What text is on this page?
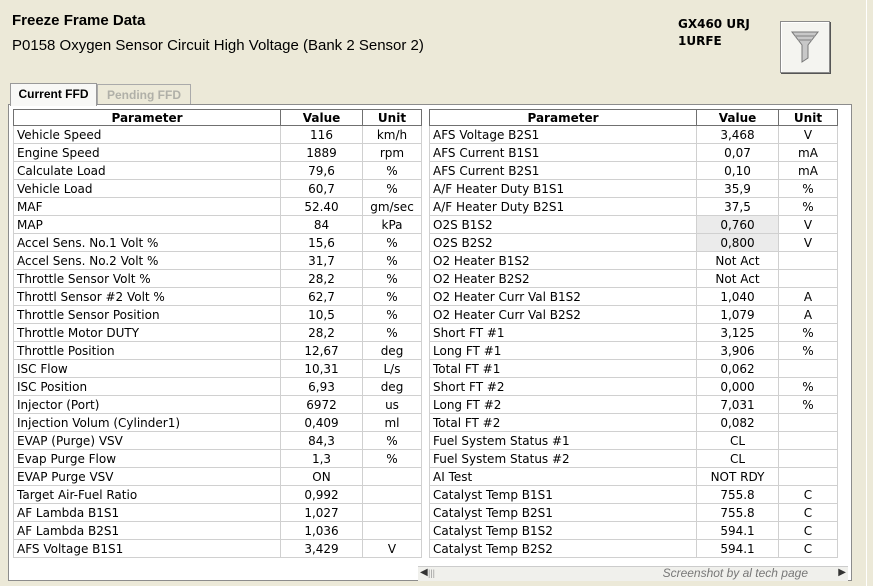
Freeze Frame Data
P0158 Oxygen Sensor Circuit High Voltage (Bank 2 Sensor 2)
GX460 URJ
1URFE
Current FFD	Pending FFD
Parameter	Value	Unit
Vehicle Speed	116	km/h
Engine Speed	1889	rpm
Calculate Load	79,6	%
Vehicle Load	60,7	%
MAF	52.40	gm/sec
MAP	84	kPa
Accel Sens. No.1 Volt %	15,6	%
Accel Sens. No.2 Volt %	31,7	%
Throttle Sensor Volt %	28,2	%
Throttl Sensor #2 Volt %	62,7	%
Throttle Sensor Position	10,5	%
Throttle Motor DUTY	28,2	%
Throttle Position	12,67	deg
ISC Flow	10,31	L/s
ISC Position	6,93	deg
Injector (Port)	6972	us
Injection Volum (Cylinder1)	0,409	ml
EVAP (Purge) VSV	84,3	%
Evap Purge Flow	1,3	%
EVAP Purge VSV	ON	
Target Air-Fuel Ratio	0,992	
AF Lambda B1S1	1,027	
AF Lambda B2S1	1,036	
AFS Voltage B1S1	3,429	V
Parameter	Value	Unit
AFS Voltage B2S1	3,468	V
AFS Current B1S1	0,07	mA
AFS Current B2S1	0,10	mA
A/F Heater Duty B1S1	35,9	%
A/F Heater Duty B2S1	37,5	%
O2S B1S2	0,760	V
O2S B2S2	0,800	V
O2 Heater B1S2	Not Act	
O2 Heater B2S2	Not Act	
O2 Heater Curr Val B1S2	1,040	A
O2 Heater Curr Val B2S2	1,079	A
Short FT #1	3,125	%
Long FT #1	3,906	%
Total FT #1	0,062	
Short FT #2	0,000	%
Long FT #2	7,031	%
Total FT #2	0,082	
Fuel System Status #1	CL	
Fuel System Status #2	CL	
AI Test	NOT RDY	
Catalyst Temp B1S1	755.8	C
Catalyst Temp B2S1	755.8	C
Catalyst Temp B1S2	594.1	C
Catalyst Temp B2S2	594.1	C
◀ |||	Screenshot by al tech page	▶
